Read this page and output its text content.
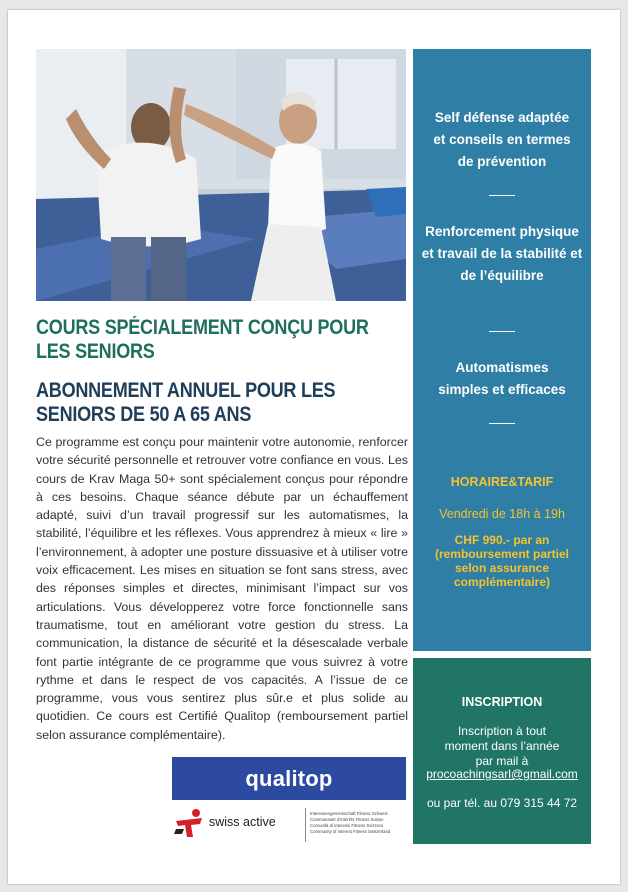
COURS SPÉCIALEMENT CONÇU POUR LES SENIORS
ABONNEMENT ANNUEL POUR LES SENIORS DE 50 A 65 ANS

Ce programme est conçu pour maintenir votre autonomie, renforcer votre sécurité personnelle et retrouver votre confiance en vous. Les cours de Krav Maga 50+ sont spécialement conçus pour répondre à ces besoins. Chaque séance débute par un échauffement adapté, suivi d’un travail progressif sur les automatismes, la stabilité, l’équilibre et les réflexes. Vous apprendrez à mieux « lire » l’environnement, à adopter une posture dissuasive et à utiliser votre voix efficacement. Les mises en situation se font sans stress, avec des réponses simples et directes, minimisant l’impact sur vos articulations. Vous développerez votre force fonctionnelle sans traumatisme, tout en améliorant votre gestion du stress. La communication, la distance de sécurité et la désescalade verbale font partie intégrante de ce programme que vous suivrez à votre rythme et dans le respect de vos capacités. A l’issue de ce programme, vous vous sentirez plus sûr.e et plus solide au quotidien. Ce cours est Certifié Qualitop (remboursement partiel selon assurance complémentaire).

qualitop
swiss active
Interessengemeinschaft Fitness Schweiz
Communauté d’intérêts Fitness Suisse
Comunità di interessi Fitness Svizzera
Community of interest Fitness Switzerland
Self défense adaptée et conseils en termes de prévention
Renforcement physique et travail de la stabilité et de l’équilibre
Automatismes simples et efficaces
HORAIRE&TARIF
Vendredi de 18h à 19h
CHF 990.- par an (remboursement partiel selon assurance complémentaire)
INSCRIPTION
Inscription à tout moment dans l’année par mail à
procoachingsarl@gmail.com
ou par tél. au 079 315 44 72
